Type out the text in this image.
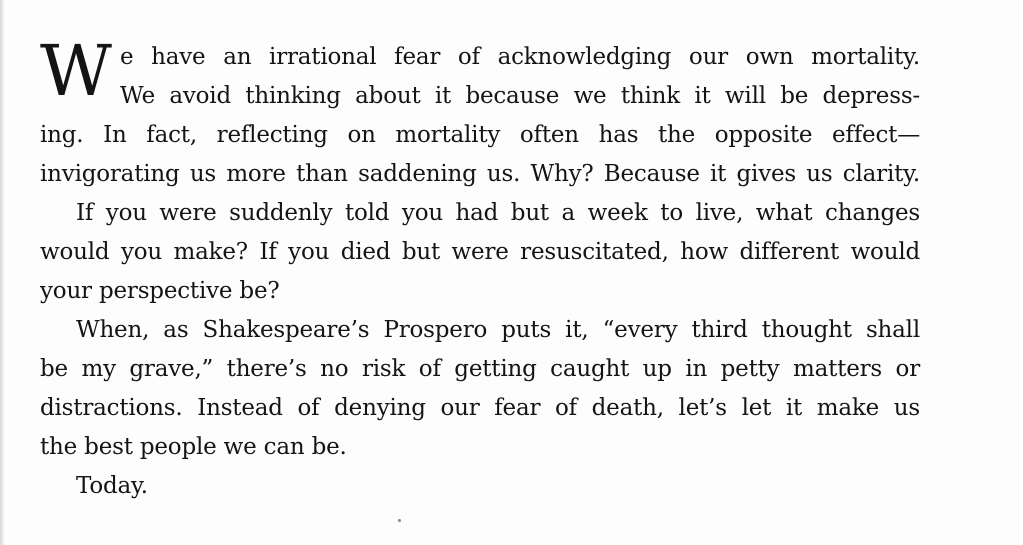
W e have an irrational fear of acknowledging our own mortality.
We avoid thinking about it because we think it will be depress-
ing. In fact, reflecting on mortality often has the opposite effect—
invigorating us more than saddening us. Why? Because it gives us clarity.
If you were suddenly told you had but a week to live, what changes
would you make? If you died but were resuscitated, how different would
your perspective be?
When, as Shakespeare’s Prospero puts it, “every third thought shall
be my grave,” there’s no risk of getting caught up in petty matters or
distractions. Instead of denying our fear of death, let’s let it make us
the best people we can be.
Today.
